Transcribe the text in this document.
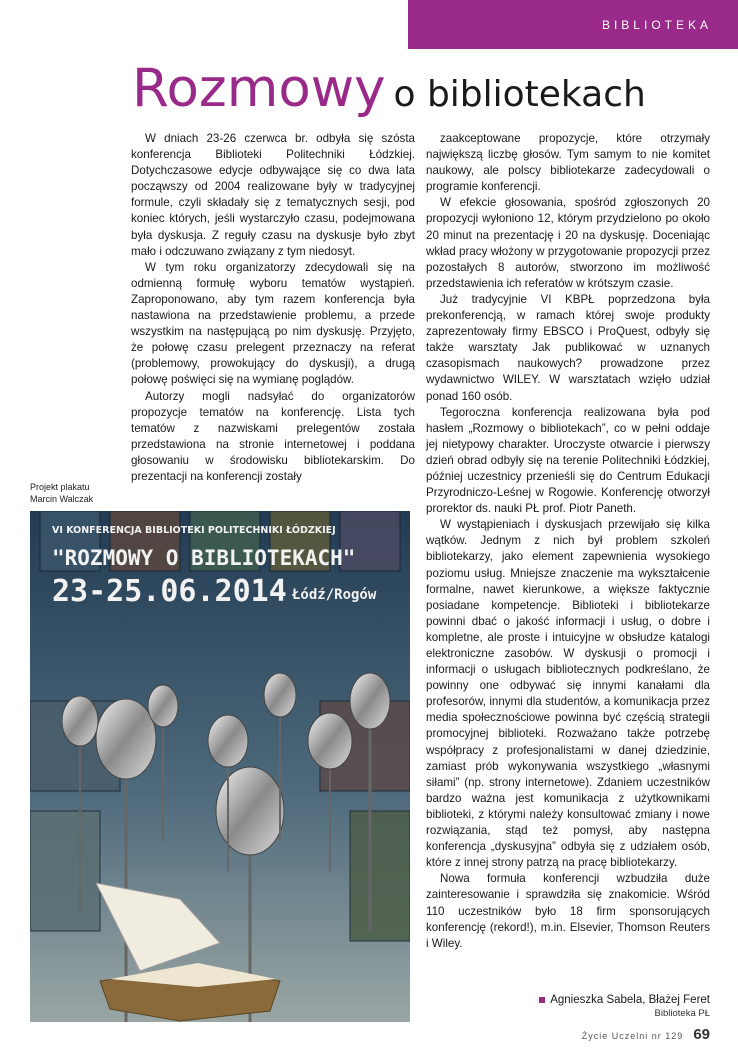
BIBLIOTEKA
Rozmowy o bibliotekach

W dniach 23-26 czerwca br. odbyła się szósta konferencja Biblioteki Politechniki Łódzkiej. Dotychczasowe edycje odbywające się co dwa lata począwszy od 2004 realizowane były w tradycyjnej formule, czyli składały się z tematycznych sesji, pod koniec których, jeśli wystarczyło czasu, podejmowana była dyskusja. Z reguły czasu na dyskusje było zbyt mało i odczuwano związany z tym niedosyt.

W tym roku organizatorzy zdecydowali się na odmienną formułę wyboru tematów wystąpień. Zaproponowano, aby tym razem konferencja była nastawiona na przedstawienie problemu, a przede wszystkim na następującą po nim dyskusję. Przyjęto, że połowę czasu prelegent przeznaczy na referat (problemowy, prowokujący do dyskusji), a drugą połowę poświęci się na wymianę poglądów.

Autorzy mogli nadsyłać do organizatorów propozycje tematów na konferencję. Lista tych tematów z nazwiskami prelegentów została przedstawiona na stronie internetowej i poddana głosowaniu w środowisku bibliotekarskim. Do prezentacji na konferencji zostały

zaakceptowane propozycje, które otrzymały największą liczbę głosów. Tym samym to nie komitet naukowy, ale polscy bibliotekarze zadecydowali o programie konferencji.

W efekcie głosowania, spośród zgłoszonych 20 propozycji wyłoniono 12, którym przydzielono po około 20 minut na prezentację i 20 na dyskusję. Doceniając wkład pracy włożony w przygotowanie propozycji przez pozostałych 8 autorów, stworzono im możliwość przedstawienia ich referatów w krótszym czasie.

Już tradycyjnie VI KBPŁ poprzedzona była prekonferencją, w ramach której swoje produkty zaprezentowały firmy EBSCO i ProQuest, odbyły się także warsztaty Jak publikować w uznanych czasopismach naukowych? prowadzone przez wydawnictwo WILEY. W warsztatach wzięło udział ponad 160 osób.

Tegoroczna konferencja realizowana była pod hasłem „Rozmowy o bibliotekach”, co w pełni oddaje jej nietypowy charakter. Uroczyste otwarcie i pierwszy dzień obrad odbyły się na terenie Politechniki Łódzkiej, później uczestnicy przenieśli się do Centrum Edukacji Przyrodniczo-Leśnej w Rogowie. Konferencję otworzył prorektor ds. nauki PŁ prof. Piotr Paneth.

W wystąpieniach i dyskusjach przewijało się kilka wątków. Jednym z nich był problem szkoleń bibliotekarzy, jako element zapewnienia wysokiego poziomu usług. Mniejsze znaczenie ma wykształcenie formalne, nawet kierunkowe, a większe faktycznie posiadane kompetencje. Biblioteki i bibliotekarze powinni dbać o jakość informacji i usług, o dobre i kompletne, ale proste i intuicyjne w obsłudze katalogi elektroniczne zasobów. W dyskusji o promocji i informacji o usługach bibliotecznych podkreślano, że powinny one odbywać się innymi kanałami dla profesorów, innymi dla studentów, a komunikacja przez media społecznościowe powinna być częścią strategii promocyjnej biblioteki. Rozważano także potrzebę współpracy z profesjonalistami w danej dziedzinie, zamiast prób wykonywania wszystkiego „własnymi siłami” (np. strony internetowe). Zdaniem uczestników bardzo ważna jest komunikacja z użytkownikami biblioteki, z którymi należy konsultować zmiany i nowe rozwiązania, stąd też pomysł, aby następna konferencja „dyskusyjna” odbyła się z udziałem osób, które z innej strony patrzą na pracę bibliotekarzy.

Nowa formuła konferencji wzbudziła duże zainteresowanie i sprawdziła się znakomicie. Wśród 110 uczestników było 18 firm sponsorujących konferencję (rekord!), m.in. Elsevier, Thomson Reuters i Wiley.

Projekt plakatu
Marcin Walczak
VI KONFERENCJA BIBLIOTEKI POLITECHNIKI ŁÓDZKIEJ
"ROZMOWY O BIBLIOTEKACH"
23-25.06.2014 Łódź/Rogów
Agnieszka Sabela, Błażej Feret
Biblioteka PŁ
Życie Uczelni nr 129 69
